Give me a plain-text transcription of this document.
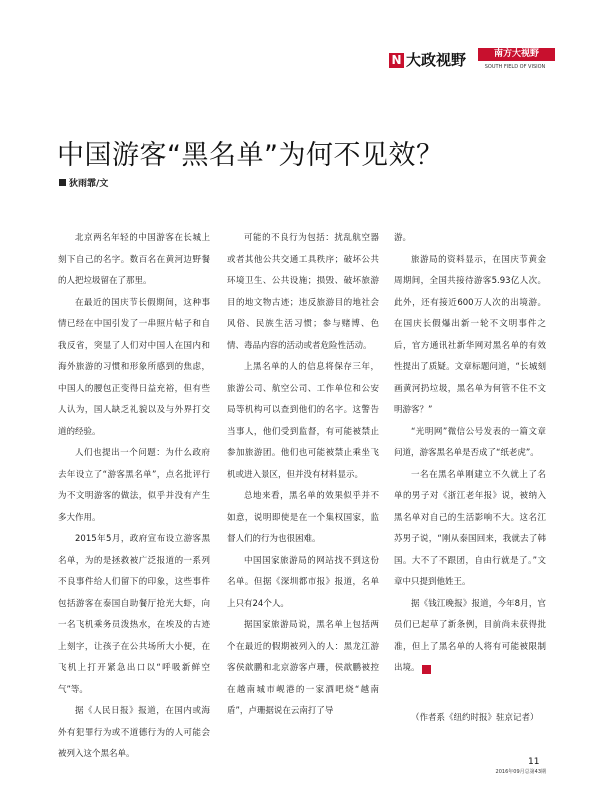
N 大政视野	南方大视野
SOUTH FIELD OF VISION
中国游客“黑名单”为何不见效？
狄雨霏/文

北京两名年轻的中国游客在长城上刻下自己的名字。数百名在黄河边野餐的人把垃圾留在了那里。

在最近的国庆节长假期间，这种事情已经在中国引发了一串照片帖子和自我反省，突显了人们对中国人在国内和海外旅游的习惯和形象所感到的焦虑，中国人的腰包正变得日益充裕，但有些人认为，国人缺乏礼貌以及与外界打交道的经验。

人们也提出一个问题：为什么政府去年设立了“游客黑名单”，点名批评行为不文明游客的做法，似乎并没有产生多大作用。

2015年5月，政府宣布设立游客黑名单，为的是拯救被广泛报道的一系列不良事件给人们留下的印象，这些事件包括游客在泰国自助餐厅抢光大虾，向一名飞机乘务员泼热水，在埃及的古迹上刻字，让孩子在公共场所大小便，在飞机上打开紧急出口以“呼吸新鲜空气”等。

据《人民日报》报道，在国内或海外有犯罪行为或不道德行为的人可能会被列入这个黑名单。

可能的不良行为包括：扰乱航空器或者其他公共交通工具秩序；破坏公共环境卫生、公共设施；损毁、破坏旅游目的地文物古迹；违反旅游目的地社会风俗、民族生活习惯；参与赌博、色情、毒品内容的活动或者危险性活动。

上黑名单的人的信息将保存三年，旅游公司、航空公司、工作单位和公安局等机构可以查到他们的名字。这警告当事人，他们受到监督，有可能被禁止参加旅游团。他们也可能被禁止乘坐飞机或进入景区，但并没有材料显示。

总地来看，黑名单的效果似乎并不如意，说明即使是在一个集权国家，监督人们的行为也很困难。

中国国家旅游局的网站找不到这份名单。但据《深圳都市报》报道，名单上只有24个人。

据国家旅游局说，黑名单上包括两个在最近的假期被列入的人：黑龙江游客侯歆鹏和北京游客卢珊，侯歆鹏被控在越南城市岘港的一家酒吧烧“越南盾”，卢珊据说在云南打了导

游。

旅游局的资料显示，在国庆节黄金周期间，全国共接待游客5.93亿人次。此外，还有接近600万人次的出境游。在国庆长假爆出新一轮不文明事件之后，官方通讯社新华网对黑名单的有效性提出了质疑。文章标题问道，“长城刻画黄河扔垃圾，黑名单为何管不住不文明游客？”

“光明网”微信公号发表的一篇文章问道，游客黑名单是否成了“纸老虎”。

一名在黑名单刚建立不久就上了名单的男子对《浙江老年报》说，被纳入黑名单对自己的生活影响不大。这名江苏男子说，“刚从泰国回来，我就去了韩国。大不了不跟团，自由行就是了。”文章中只提到他姓王。

据《钱江晚报》报道，今年8月，官员们已起草了新条例，目前尚未获得批准，但上了黑名单的人将有可能被限制出境。	N

（作者系《纽约时报》驻京记者）
11
2016年09月总第43期
